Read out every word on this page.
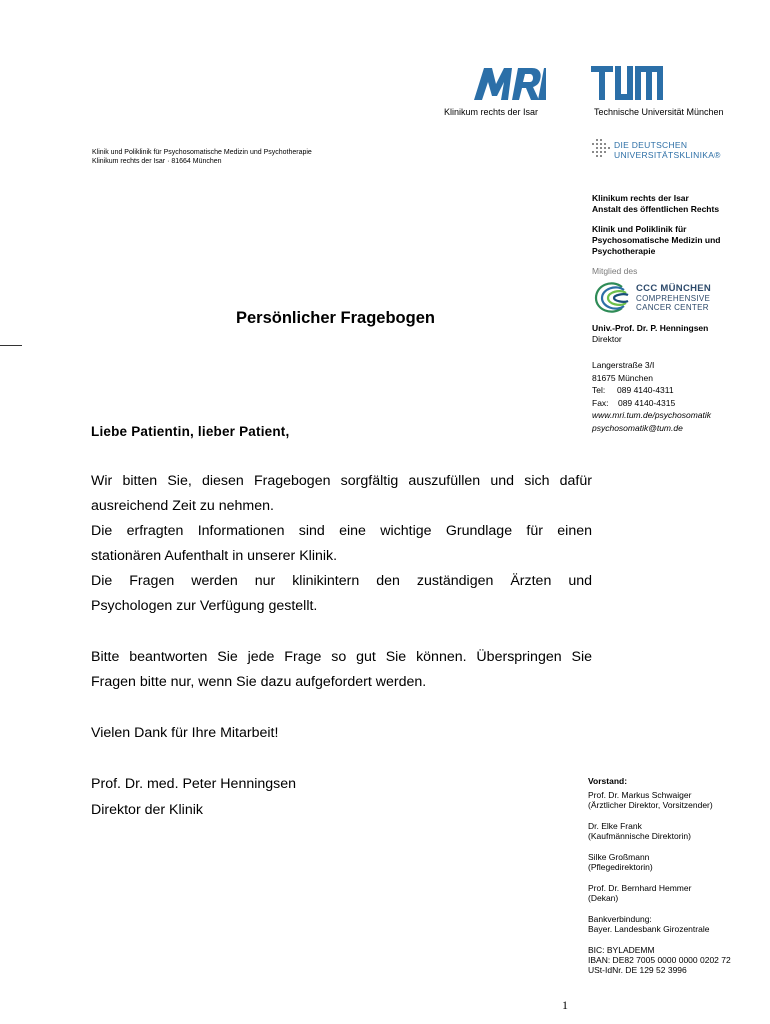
Klinikum rechts der Isar	Technische Universität München
Klinik und Poliklinik für Psychosomatische Medizin und Psychotherapie
Klinikum rechts der Isar · 81664 München
DIE DEUTSCHEN
UNIVERSITÄTSKLINIKA®
Klinikum rechts der Isar
Anstalt des öffentlichen Rechts
Klinik und Poliklinik für
Psychosomatische Medizin und
Psychotherapie
Mitglied des
CCC MÜNCHEN
COMPREHENSIVE
CANCER CENTER
Univ.-Prof. Dr. P. Henningsen
Direktor
Langerstraße 3/I
81675 München
Tel:     089 4140-4311
Fax:    089 4140-4315
www.mri.tum.de/psychosomatik
psychosomatik@tum.de
Persönlicher Fragebogen
Liebe Patientin, lieber Patient,
Wir bitten Sie, diesen Fragebogen sorgfältig auszufüllen und sich dafür
ausreichend Zeit zu nehmen.
Die erfragten Informationen sind eine wichtige Grundlage für einen
stationären Aufenthalt in unserer Klinik.
Die Fragen werden nur klinikintern den zuständigen Ärzten und
Psychologen zur Verfügung gestellt.
Bitte beantworten Sie jede Frage so gut Sie können. Überspringen Sie
Fragen bitte nur, wenn Sie dazu aufgefordert werden.
Vielen Dank für Ihre Mitarbeit!
Prof. Dr. med. Peter Henningsen
Direktor der Klinik
Vorstand:
Prof. Dr. Markus Schwaiger
(Ärztlicher Direktor, Vorsitzender)
Dr. Elke Frank
(Kaufmännische Direktorin)
Silke Großmann
(Pflegedirektorin)
Prof. Dr. Bernhard Hemmer
(Dekan)
Bankverbindung:
Bayer. Landesbank Girozentrale
BIC: BYLADEMM
IBAN: DE82 7005 0000 0000 0202 72
USt-IdNr. DE 129 52 3996
1
